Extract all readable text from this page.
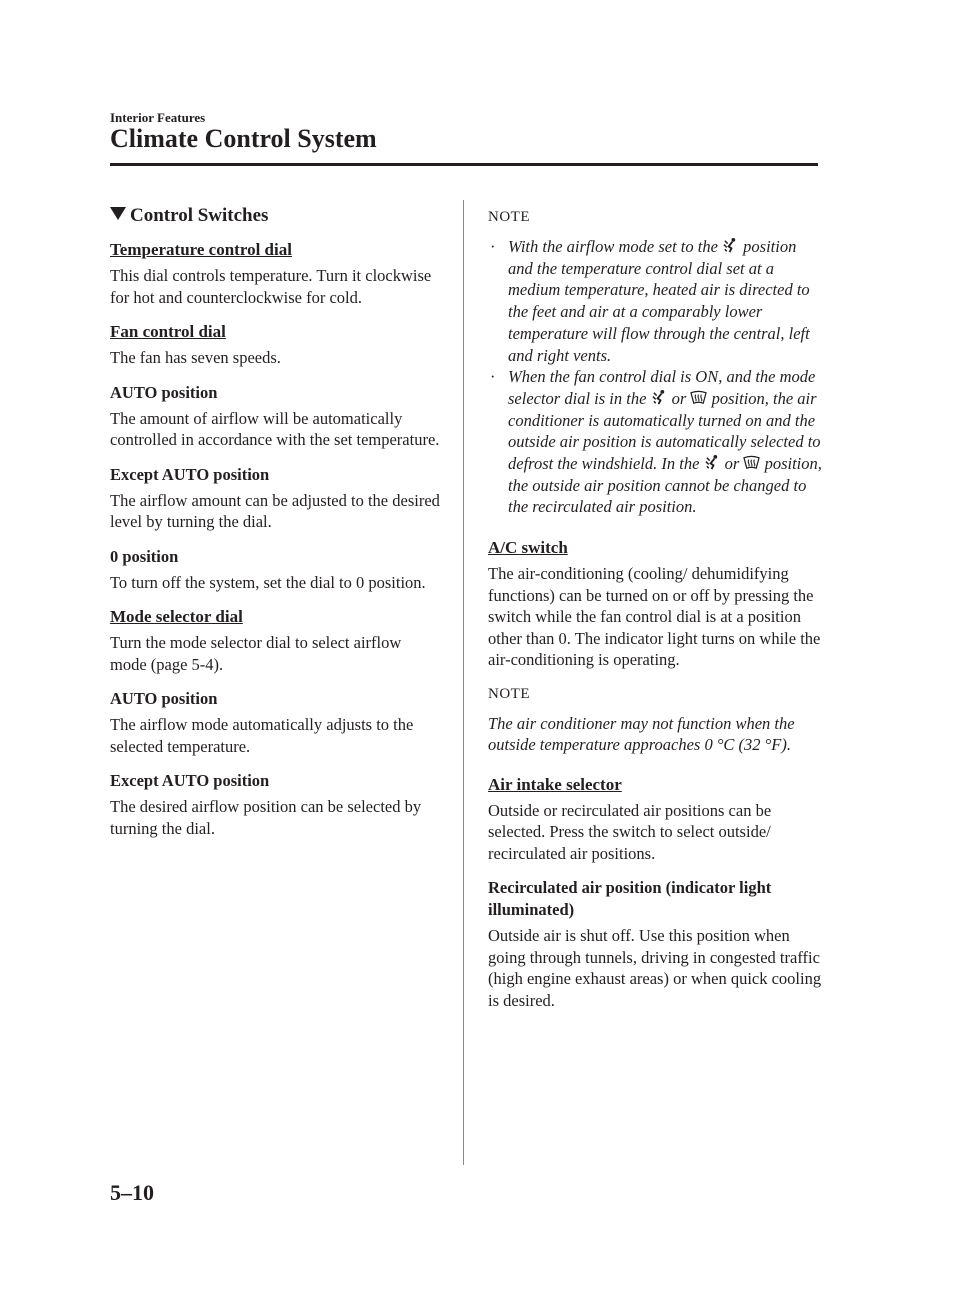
Interior Features
Climate Control System
Control Switches

Temperature control dial

This dial controls temperature. Turn it clockwise for hot and counterclockwise for cold.

Fan control dial

The fan has seven speeds.

AUTO position

The amount of airflow will be automatically controlled in accordance with the set temperature.

Except AUTO position

The airflow amount can be adjusted to the desired level by turning the dial.

0 position

To turn off the system, set the dial to 0 position.

Mode selector dial

Turn the mode selector dial to select airflow mode (page 5-4).

AUTO position

The airflow mode automatically adjusts to the selected temperature.

Except AUTO position

The desired airflow position can be selected by turning the dial.

NOTE

· With the airflow mode set to the position and the temperature control dial set at a medium temperature, heated air is directed to the feet and air at a comparably lower temperature will flow through the central, left and right vents.
· When the fan control dial is ON, and the mode selector dial is in the or position, the air conditioner is automatically turned on and the outside air position is automatically selected to defrost the windshield. In the or position, the outside air position cannot be changed to the recirculated air position.

A/C switch

The air-conditioning (cooling/ dehumidifying functions) can be turned on or off by pressing the switch while the fan control dial is at a position other than 0. The indicator light turns on while the air-conditioning is operating.

NOTE

The air conditioner may not function when the outside temperature approaches 0 °C (32 °F).

Air intake selector

Outside or recirculated air positions can be selected. Press the switch to select outside/ recirculated air positions.

Recirculated air position (indicator light illuminated)

Outside air is shut off. Use this position when going through tunnels, driving in congested traffic (high engine exhaust areas) or when quick cooling is desired.

5–10
